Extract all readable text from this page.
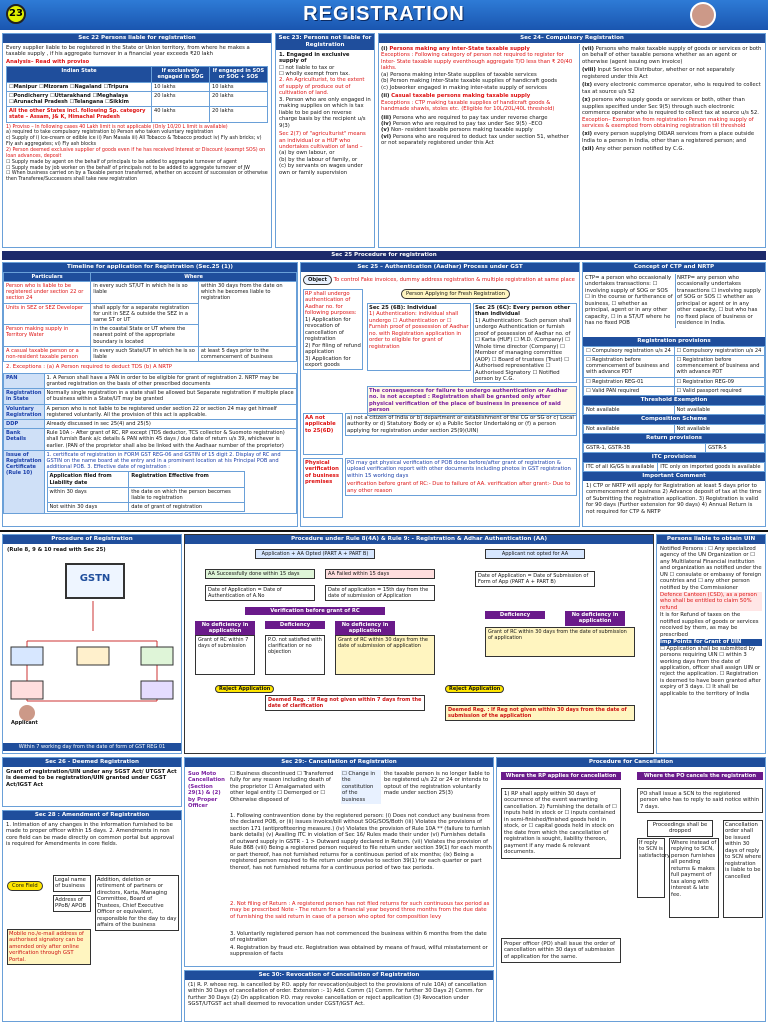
REGISTRATION
23
Sec 22 Persons liable for registration
Every supplier liable to be registered in the State or Union territory, from where he makes a taxable supply , if his aggregate turnover in a financial year exceeds ₹20 lakh
Analysis– Read with proviso
Indian State	If exclusively engaged in SOG	If engaged in SOS or SOG + SOS
☐Manipur ☐Mizoram ☐Nagaland ☐Tripura	10 lakhs	10 lakhs
☐Pondicherry ☐Uttarakhand ☐Meghalaya ☐Arunachal Pradesh ☐Telangana ☐Sikkim	20 lakhs	20 lakhs
All the other States incl. following Sp. category state – Assam, J& K, Himachal Pradesh	40 lakhs	20 lakhs
1) Proviso – In following cases 40 Lakh limit is not applicable (Only 10/20 L limit is available)
a) required to take compulsory registration b) Person who taken voluntary registration
c) Supply of i) Ice-cream or edible ice ii) Pan Masala iii) All Tobacco & Tobacco product iv) Fly ash bricks; v) Fly ash aggregates; vi) Fly ash blocks
2) Person deemed exclusive supplier of goods even if he has received Interest or Discount (exempt SOS) on loan advances, deposit
☐ Supply made by agent on the behalf of principals to be added to aggregate turnover of agent
☐ Supply made by job worker on the behalf of principals not to be added to aggregate turnover of JW
☐ When business carried on by a Taxable person transferred, whether on account of succession or otherwise then Transferee/Successors shall take new registration
Sec 23: Persons not liable for Registration
1. Engaged in exclusive supply of
☐ not liable to tax or
☐ wholly exempt from tax.
2. An Agriculturist, to the extent of supply of produce out of cultivation of land.
3. Person who are only engaged in making supplies on which is tax liable to be paid on reverse charge basis by the recipient u/s 9(3)
Sec 2(7) of "agriculturist" means an individual or a HUF who undertakes cultivation of land –
(a) by own labour, or
(b) by the labour of family, or
(c) by servants on wages under own or family supervision
Sec 24– Compulsory Registration
(i) Persons making any inter-State taxable supply
Exceptions : Following category of person not required to register for Inter- State taxable supply eventhough aggregate T/O less than ₹ 20/40 lakhs.
(a) Persons making inter-State supplies of taxable services
(b) Person making inter-State taxable supplies of handicraft goods
(c) Jobworker engaged in making inter-state supply of services
(ii) Casual taxable persons making taxable supply
Exceptions : CTP making taxable supplies of handicraft goods & handmade shawls, stoles etc. (Eligible for 10L/20L/40L threshold)
(iii) Persons who are required to pay tax under reverse charge
(iv) Person who are required to pay tax under Sec 9(5) –ECO
(v) Non- resident taxable persons making taxable supply
(vi) Persons who are required to deduct tax under section 51, whether or not separately registered under this Act
(vii) Persons who make taxable supply of goods or services or both on behalf of other taxable persons whether as an agent or otherwise (agent issuing own invoice)
(viii) Input Service Distributor, whether or not separately registered under this Act
(ix) every electronic commerce operator, who is required to collect tax at source u/s 52
(x) persons who supply goods or services or both, other than supplies specified under Sec 9(5) through such electronic commerce operator who is required to collect tax at source u/s 52.
Exception– Exemption from registration Person making supply of services & exempted from obtaining registration till threshold
(xi) every person supplying OIDAR services from a place outside India to a person in India, other than a registered person; and
(xii) Any other person notified by C.G.
Sec 25 Procedure for registration
Timeline for application for Registration (Sec.25 (1))
Particulars	Where	
Person who is liable to be registered under section 22 or section 24	in every such ST/UT in which he is so liable	within 30 days from the date on which he becomes liable to registration
Units in SEZ or SEZ Developer	shall apply for a separate registration for unit in SEZ & outside the SEZ in a same ST or UT	
Person making supply in Territory Water	in the coastal State or UT where the nearest point of the appropriate boundary is located	
A casual taxable person or a non-resident taxable person	in every such State/UT in which he is so liable	at least 5 days prior to the commencement of business
2. Exceptions : (a) A Person required to deduct TDS (b) A NRTP
PAN	1. A Person shall have a PAN in order to be eligible for grant of registration 2. NRTP may be granted registration on the basis of other prescribed documents
Registration in State	Normally single registration in a state shall be allowed but Separate registration if multiple place of business within a State/UT may be granted
Voluntary Registration	A person who is not liable to be registered under section 22 or section 24 may get himself registered voluntarily. All the provision of this act is applicable.
DDP	Already discussed in sec 25(4) and 25(5)
Bank Details	Rule 10A :- After grant of RC, RP except (TDS deductor, TCS collector & Suomoto registration) shall furnish Bank a/c details & PAN within 45 days / due date of return u/s 39, whichever is earlier. (PAN of the proprietor shall also be linked with the Aadhaar number of the proprietor)
Issue of Registration Certificate (Rule 10)	1. certificate of registration in FORM GST REG-06 and GSTIN of 15 digit 2. Display of RC and GSTIN on the name board at the entry and in a prominent location at his Principal POB and additional POB. 3. Effective date of registration :
Application filed from Liability date	Registration Effective from
within 30 days	the date on which the person becomes liable to registration
Not within 30 days	date of grant of registration
Sec 25 – Authentication (Aadhar) Process under GST
Object To control Fake invoices, dummy address registration & multiple registration at same place
RP shall undergo authentication of Aadhar no. for following purposes:
1) Application for revocation of cancellation of registration
2) For filing of refund application
3) Application for export goods
Person Applying for Fresh Registration
Sec 25 (6B): Individual
1) Authentication: individual shall undergo ☐ Authentication or ☐ Furnish proof of possession of Aadhar no. with Registration application in order to eligible for grant of registration
Sec 25 (6C): Every person other than individual
1) Authentication: Such person shall undergo Authentication or furnish proof of possession of Aadhar no. of ☐ Karta (HUF) ☐ M.D. (Company) ☐ Whole time director (Company) ☐ Member of managing committee (AOP) ☐ Board of trustees (Trust) ☐ Authorised representative ☐ Authorised Signatory ☐ Notified person by C.G.
The consequences for failure to undergo authentication or Aadhar no. is not accepted : Registration shall be granted only after physical verification of the place of business in presence of said person
AA not applicable to 25(6D)
a) not a citizen of India or b) department or establishment of the CG or SG or c) Local authority or d) Statutory Body or e) a Public Sector Undertaking or (f) a person applying for registration under section 25(9)(UIN)
Physical verification of business premises
PO may get physical verification of POB done before/after grant of registration & upload verification report with other documents including photos in GST registration within 15 working days
verification before grant of RC:- Due to failure of AA. verification after grant:- Due to any other reason
Concept of CTP and NRTP
CTP= a person who occasionally undertakes transactions: ☐ involving supply of SOG or SOS ☐ in the course or furtherance of business, ☐ whether as principal, agent or in any other capacity, ☐ in a ST/UT where he has no fixed POB
NRTP= any person who occasionally undertakes transactions ☐ involving supply of SOG or SOS ☐ whether as principal or agent or in any other capacity, ☐ but who has no fixed place of business or residence in India.
Registration provisions
☐ Compulsory registration u/s 24	☐ Compulsory registration u/s 24
☐ Registration before commencement of business and with advance PDT	☐ Registration before commencement of business and with advance PDT
☐ Registration REG-01	☐ Registration REG-09
☐ Valid PAN required	☐ Valid passport required
Threshold Exemption
Not available	Not available
Composition Scheme
Not available	Not available
Return provisions
GSTR-1, GSTR-3B	GSTR-5
ITC provisions
ITC of all IG/GS is available	ITC only on imported goods is available
Important Comment
1) CTP or NRTP will apply for Registration at least 5 days prior to commencement of business 2) Advance deposit of tax at the time of Submitting the registration application. 3) Registration is valid for 90 days (Further extension for 90 days) 4) Annual Return is not required for CTP & NRTP
Procedure of Registration
(Rule 8, 9 & 10 read with Sec 25)
GSTN
Applicant
Within 7 working day from the date of form of GST REG 01
Procedure under Rule 8(4A) & Rule 9: - Registration & Adhar Authentication (AA)
Application + AA Opted (PART A + PART B)	Applicant not opted for AA
AA Successfully done within 15 days	AA Failed within 15 days
Date of Application = Date of Authentication of A.No
Date of application = 15th day from the date of submission of Application
Date of Application = Date of Submission of Form of App (PART A + PART B)
Verification before grant of RC
No deficiency in application
Deficiency	No deficiency in application
Deficiency	No deficiency in application
Grant of RC within 7 days of submission
P.O. not satisfied with clarification or no objection
Grant of RC within 30 days from the date of submission of application
Grant of RC within 30 days from the date of submission of application
Reject Application	Reject Application
Deemed Reg. : If Reg not given within 7 days from the date of clarification
Deemed Reg. : If Reg not given within 30 days from the date of submission of the application
Persons liable to obtain UIN
Notified Persons : ☐ Any specialized agency of the UN Organization or ☐ any Multilateral Financial institution and organization as notified under the UN ☐ consulate or embassy of foreign countries and ☐ any other person notified by the Commissioner
Defence Canteen (CSD), as a person who shall be entitled to claim 50% refund
It is for Refund of taxes on the notified supplies of goods or services received by them, as may be prescribed
Imp Points for Grant of UIN
☐ Application shall be submitted by persons requiring UIN ☐ within 3 working days from the date of application, officer shall assign UIN or reject the application. ☐ Registration is deemed to have been granted after expiry of 3 days. ☐ It shall be applicable to the territory of India
Sec 26 - Deemed Registration
Grant of registration/UIN under any SGST Act/ UTGST Act is deemed to be registration/UIN granted under CGST Act/IGST Act
Sec 28 : Amendment of Registration
1. Intimation of any changes in the information furnished to be made to proper officer within 15 days. 2. Amendments in non core field can be made directly on common portal but approval is required for Amendments in core fields.
Core Field
Legal name of business
Address of PPoB/ APOB
Addition, deletion or retirement of partners or directors, Karta, Managing Committee, Board of Trustees, Chief Executive Officer or equivalent, responsible for the day to day affairs of the business
Mobile no./e-mail address of authorised signatory can be amended only after online verification through GST Portal.
Sec 29:- Cancellation of Registration
Suo Moto Cancellation (Section 29(1) & (2) by Proper Officer
☐ Business discontinued ☐ Transferred fully for any reason including death of the proprietor ☐ Amalgamated with other legal entity ☐ Demerged or ☐ Otherwise disposed of
☐ Change in the constitution of the business
the taxable person is no longer liable to be registered u/s 22 or 24 or intends to optout of the registration voluntarily made under section 25(3)
1. Following contravention done by the registered person: (i) Does not conduct any business from the declared POB, or (ii) issues invoice/bill without SOG/SOS/Both (iii) Violates the provisions of section 171 (antiprofiteering measure.) (iv) Violates the provision of Rule 10A ** (failure to furnish bank details) (v) Availing ITC in violation of Sec 16/ Rules made their under (vi) Furnishes details of outward supply in GSTR - 1 > Outward supply declared in Return. (vii) Violates the provision of Rule 86B (viii) Being a registered person required to file return under section 39(1) for each month or part thereof, has not furnished returns for a continuous period of six months; (ix) Being a registered person required to file return under proviso to section 39(1) for each quarter or part thereof, has not furnished returns for a continuous period of two tax periods.
2. Not filing of Return : A registered person has not filed returns for such continuous tax period as may be prescribed Note - The return for a financial year beyond three months from the due date of furnishing the said return in case of a person who opted for composition levy
3. Voluntarily registered person has not commenced the business within 6 months from the date of registration
4. Registration by fraud etc. Registration was obtained by means of fraud, wilful misstatement or suppression of facts
Sec 30:- Revocation of Cancellation of Registration
(1) R. P. whose reg. is cancelled by P.O. apply for revocation(subject to the provisions of rule 10A) of cancellation within 30 Days of cancellation of order. Extension :- 1) Add. Comm (1) Comm. for further 30 Days 2) Comm. for further 30 Days (2) On application P.O. may revoke cancellation or reject application (3) Revocation under SGST/UTGST act shall deemed to revocation under CGST/IGST Act.
Procedure for Cancellation
Where the RP applies for cancellation	Where the PO cancels the registration
1) RP shall apply within 30 days of occurrence of the event warranting cancellation. 2) Furnishing the details of ☐ inputs held in stock or ☐ inputs contained in semi-finished/finished goods held in stock, or ☐ capital goods held in stock on the date from which the cancellation of registration is sought, liability thereon, payment if any made & relevant documents.
PO shall issue a SCN to the registered person who has to reply to said notice within 7 days.
Proceedings shall be dropped
If reply to SCN is satisfactory
Where instead of replying to SCN, person furnishes all pending returns & makes full payment of tax along with interest & late fee.
Cancellation order shall be issued within 30 days of reply to SCN where registration is liable to be cancelled
Proper officer (PO) shall issue the order of cancellation within 30 days of submission of application for the same.
